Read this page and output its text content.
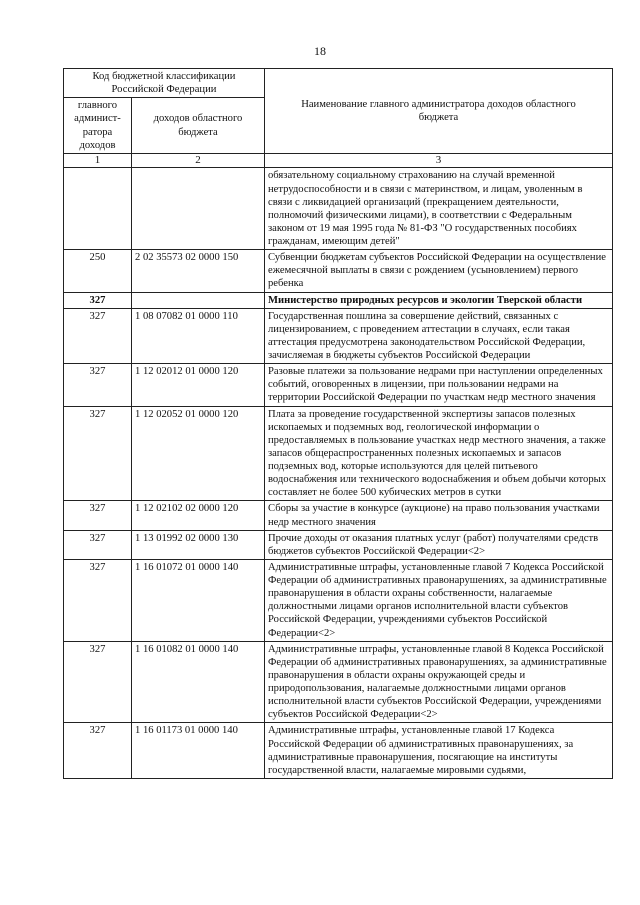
18
Код бюджетной классификации Российской Федерации		Наименование главного администратора доходов областного бюджета
главного админист-ратора доходов	доходов областного бюджета	
1	2	3
		обязательному социальному страхованию на случай временной нетрудоспособности и в связи с материнством, и лицам, уволенным в связи с ликвидацией организаций (прекращением деятельности, полномочий физическими лицами), в соответствии с Федеральным законом от 19 мая 1995 года № 81-ФЗ "О государственных пособиях гражданам, имеющим детей"
250	2 02 35573 02 0000 150	Субвенции бюджетам субъектов Российской Федерации на осуществление ежемесячной выплаты в связи с рождением (усыновлением) первого ребенка
327		Министерство природных ресурсов и экологии Тверской области
327	1 08 07082 01 0000 110	Государственная пошлина за совершение действий, связанных с лицензированием, с проведением аттестации в случаях, если такая аттестация предусмотрена законодательством Российской Федерации, зачисляемая в бюджеты субъектов Российской Федерации
327	1 12 02012 01 0000 120	Разовые платежи за пользование недрами при наступлении определенных событий, оговоренных в лицензии, при пользовании недрами на территории Российской Федерации по участкам недр местного значения
327	1 12 02052 01 0000 120	Плата за проведение государственной экспертизы запасов полезных ископаемых и подземных вод, геологической информации о предоставляемых в пользование участках недр местного значения, а также запасов общераспространенных полезных ископаемых и запасов подземных вод, которые используются для целей питьевого водоснабжения или технического водоснабжения и объем добычи которых составляет не более 500 кубических метров в сутки
327	1 12 02102 02 0000 120	Сборы за участие в конкурсе (аукционе) на право пользования участками недр местного значения
327	1 13 01992 02 0000 130	Прочие доходы от оказания платных услуг (работ) получателями средств бюджетов субъектов Российской Федерации<2>
327	1 16 01072 01 0000 140	Административные штрафы, установленные главой 7 Кодекса Российской Федерации об административных правонарушениях, за административные правонарушения в области охраны собственности, налагаемые должностными лицами органов исполнительной власти субъектов Российской Федерации, учреждениями субъектов Российской Федерации<2>
327	1 16 01082 01 0000 140	Административные штрафы, установленные главой 8 Кодекса Российской Федерации об административных правонарушениях, за административные правонарушения в области охраны окружающей среды и природопользования, налагаемые должностными лицами органов исполнительной власти субъектов Российской Федерации, учреждениями субъектов Российской Федерации<2>
327	1 16 01173 01 0000 140	Административные штрафы, установленные главой 17 Кодекса Российской Федерации об административных правонарушениях, за административные правонарушения, посягающие на институты государственной власти, налагаемые мировыми судьями,
